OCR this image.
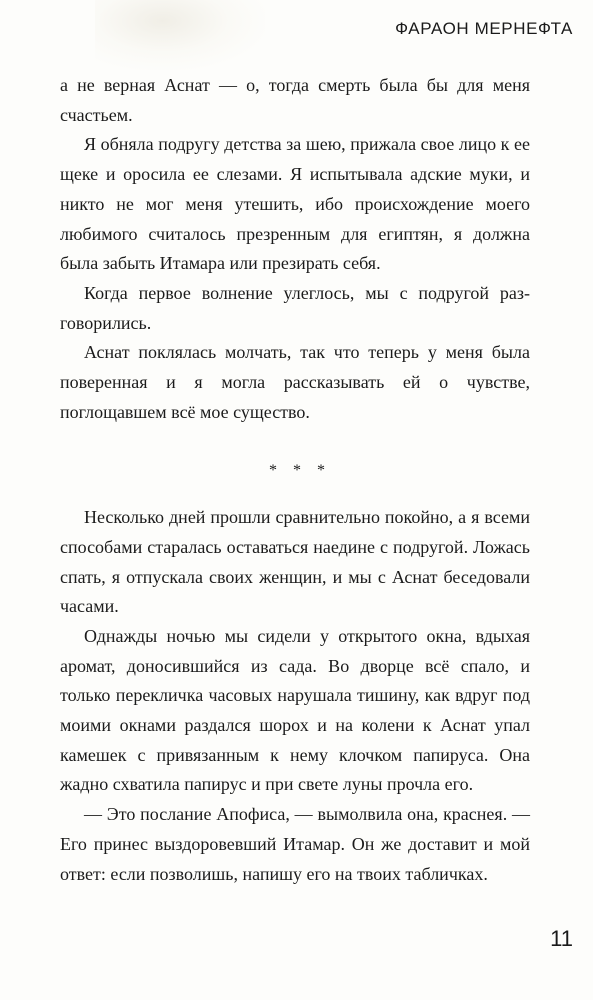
ФАРАОН МЕРНЕФТА

а не верная Аснат — о, тогда смерть была бы для меня счастьем.

Я обняла подругу детства за шею, прижала свое лицо к ее щеке и оросила ее слезами. Я испытывала адские муки, и никто не мог меня утешить, ибо происхождение моего любимого считалось презренным для египтян, я должна была забыть Итамара или презирать себя.

Когда первое волнение улеглось, мы с подругой разговорились.

Аснат поклялась молчать, так что теперь у меня была поверенная и я могла рассказывать ей о чувстве, поглощавшем всё мое существо.

* * *

Несколько дней прошли сравнительно покойно, а я всеми способами старалась оставаться наедине с подругой. Ложась спать, я отпускала своих женщин, и мы с Аснат беседовали часами.

Однажды ночью мы сидели у открытого окна, вдыхая аромат, доносившийся из сада. Во дворце всё спало, и только перекличка часовых нарушала тишину, как вдруг под моими окнами раздался шорох и на колени к Аснат упал камешек с привязанным к нему клочком папируса. Она жадно схватила папирус и при свете луны прочла его.

— Это послание Апофиса, — вымолвила она, краснея. — Его принес выздоровевший Итамар. Он же доставит и мой ответ: если позволишь, напишу его на твоих табличках.

11
